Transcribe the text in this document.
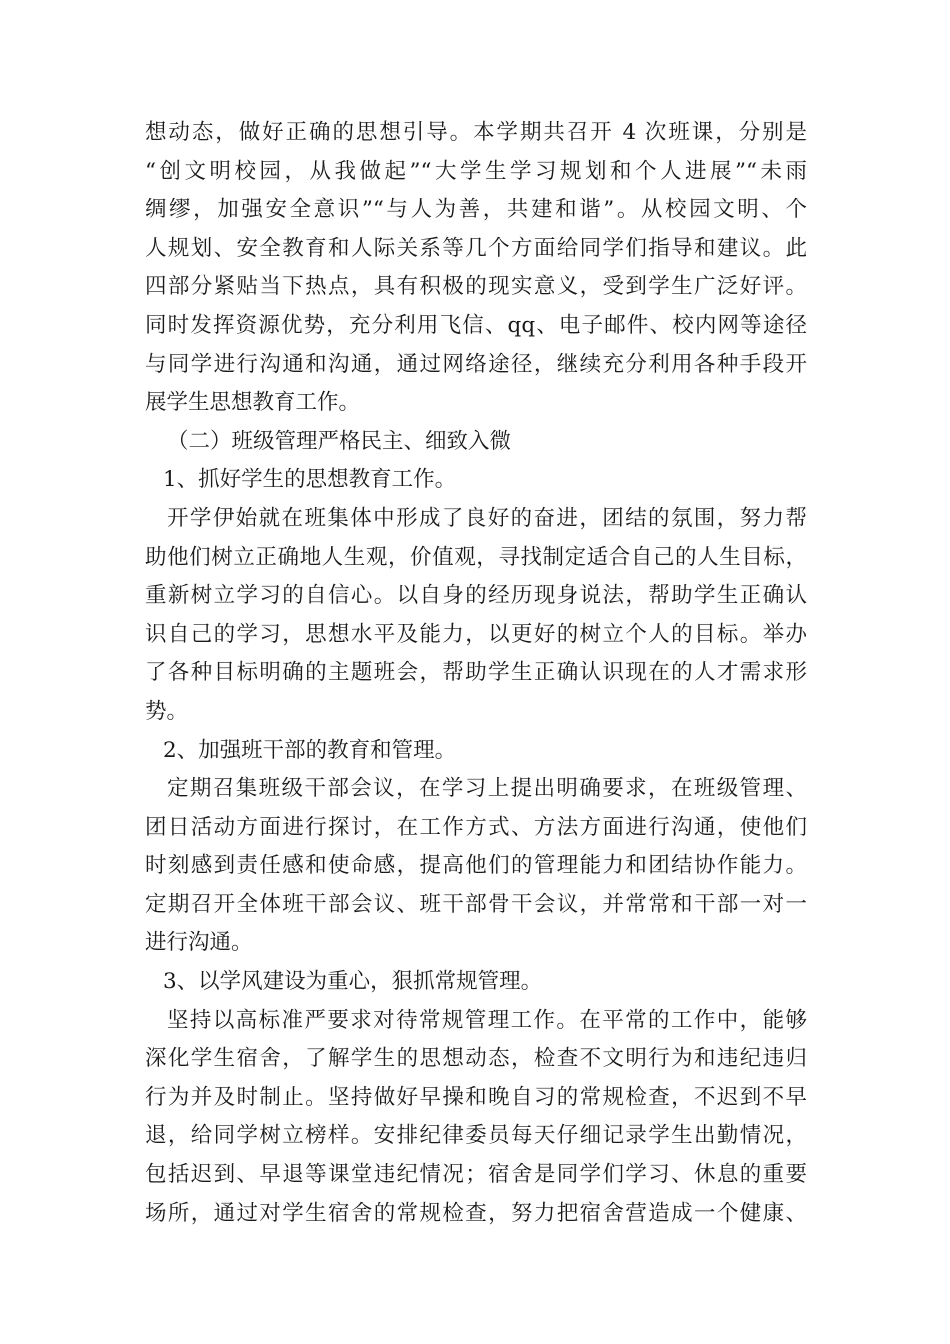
想动态，做好正确的思想引导。本学期共召开 4 次班课，分别是
“创文明校园，从我做起”“大学生学习规划和个人进展”“未雨
绸缪，加强安全意识”“与人为善，共建和谐”。从校园文明、个
人规划、安全教育和人际关系等几个方面给同学们指导和建议。此
四部分紧贴当下热点，具有积极的现实意义，受到学生广泛好评。
同时发挥资源优势，充分利用飞信、qq、电子邮件、校内网等途径
与同学进行沟通和沟通，通过网络途径，继续充分利用各种手段开
展学生思想教育工作。
（二）班级管理严格民主、细致入微
1、抓好学生的思想教育工作。
开学伊始就在班集体中形成了良好的奋进，团结的氛围，努力帮
助他们树立正确地人生观，价值观，寻找制定适合自己的人生目标，
重新树立学习的自信心。以自身的经历现身说法，帮助学生正确认
识自己的学习，思想水平及能力，以更好的树立个人的目标。举办
了各种目标明确的主题班会，帮助学生正确认识现在的人才需求形
势。
2、加强班干部的教育和管理。
定期召集班级干部会议，在学习上提出明确要求，在班级管理、
团日活动方面进行探讨，在工作方式、方法方面进行沟通，使他们
时刻感到责任感和使命感，提高他们的管理能力和团结协作能力。
定期召开全体班干部会议、班干部骨干会议，并常常和干部一对一
进行沟通。
3、以学风建设为重心，狠抓常规管理。
坚持以高标准严要求对待常规管理工作。在平常的工作中，能够
深化学生宿舍，了解学生的思想动态，检查不文明行为和违纪违归
行为并及时制止。坚持做好早操和晚自习的常规检查，不迟到不早
退，给同学树立榜样。安排纪律委员每天仔细记录学生出勤情况，
包括迟到、早退等课堂违纪情况；宿舍是同学们学习、休息的重要
场所，通过对学生宿舍的常规检查，努力把宿舍营造成一个健康、
